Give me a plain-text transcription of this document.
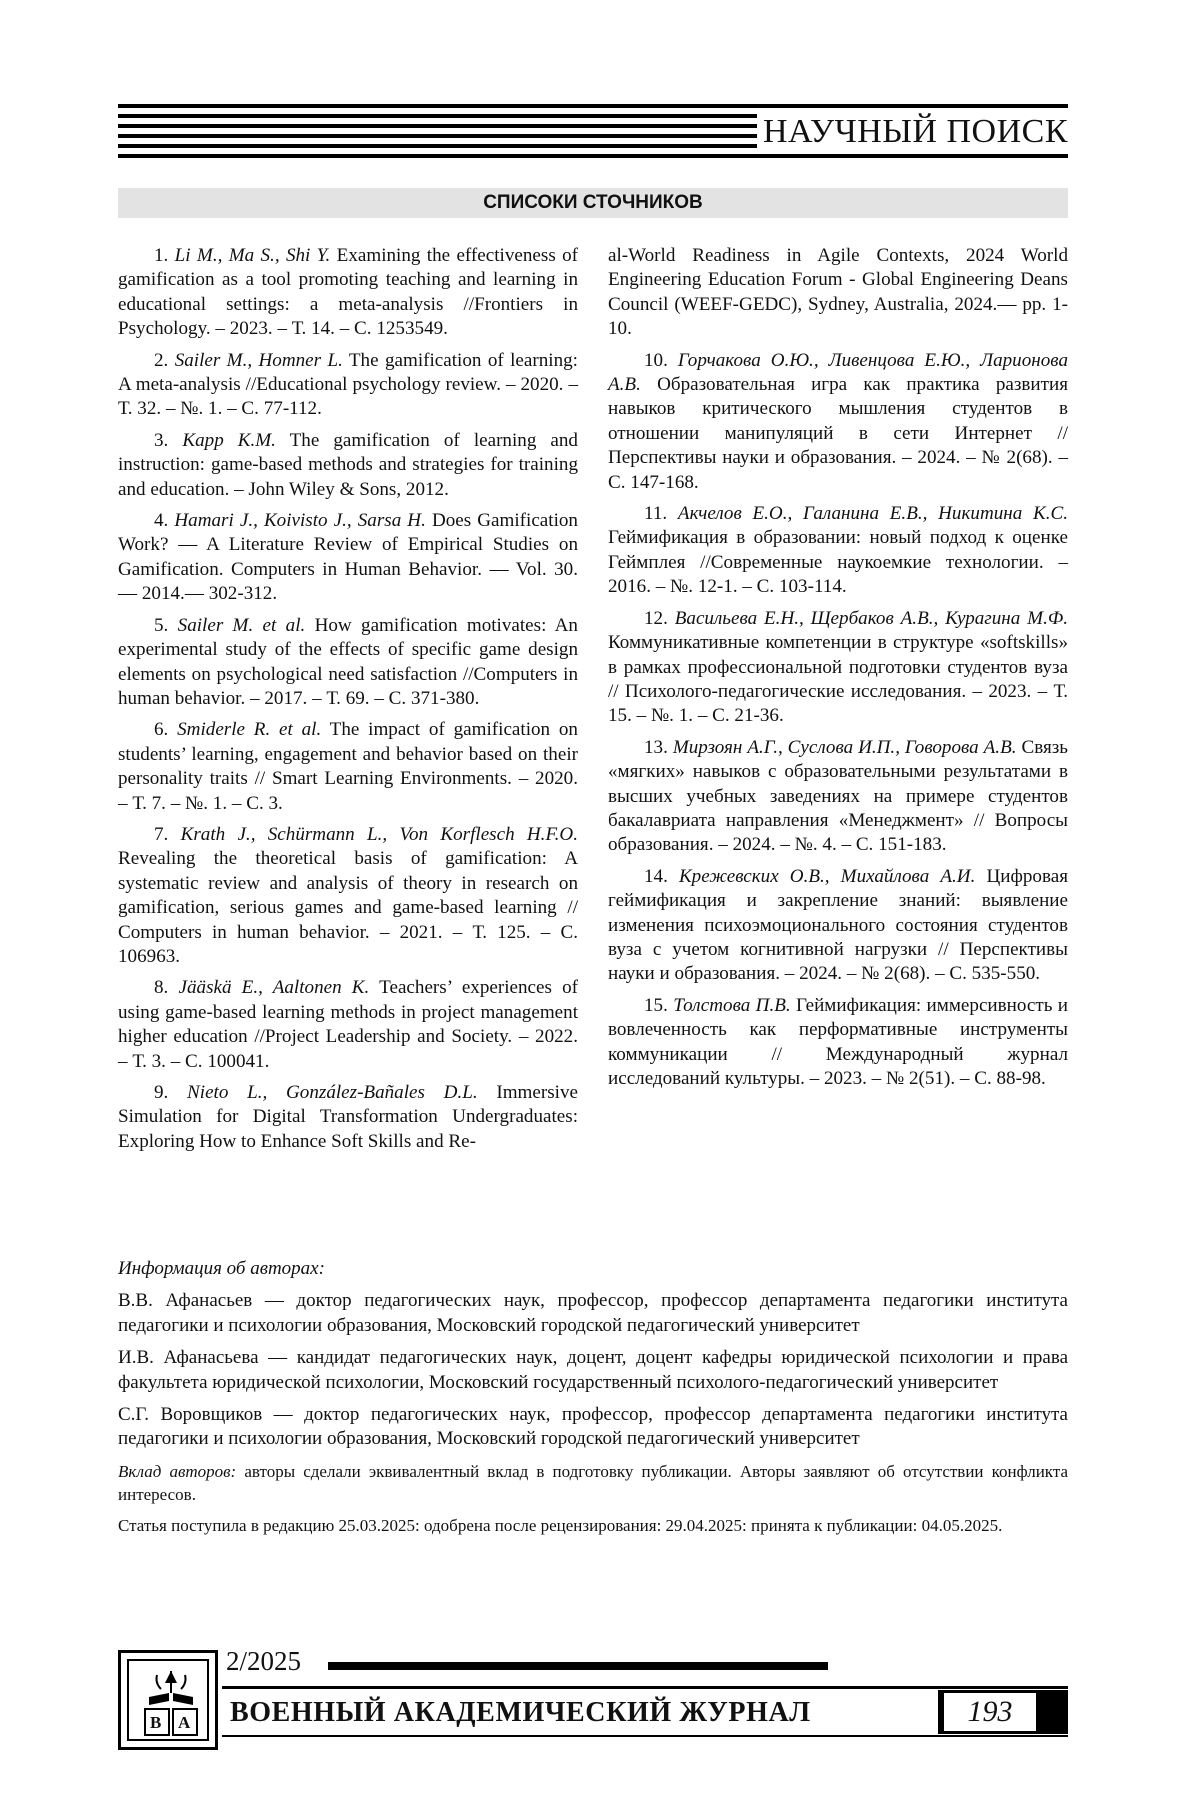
НАУЧНЫЙ ПОИСК
СПИСОКИ СТОЧНИКОВ

1. Li M., Ma S., Shi Y. Examining the effectiveness of gamification as a tool promoting teaching and learning in educational settings: a meta-analysis //Frontiers in Psychology. – 2023. – Т. 14. – С. 1253549.

2. Sailer M., Homner L. The gamification of learning: A meta-analysis //Educational psychology review. – 2020. – Т. 32. – №. 1. – С. 77-112.

3. Kapp K.M. The gamification of learning and instruction: game-based methods and strategies for training and education. – John Wiley & Sons, 2012.

4. Hamari J., Koivisto J., Sarsa H. Does Gamification Work? — A Literature Review of Empirical Studies on Gamification. Computers in Human Behavior. — Vol. 30.— 2014.— 302-312.

5. Sailer M. et al. How gamification motivates: An experimental study of the effects of specific game design elements on psychological need satisfaction //Computers in human behavior. – 2017. – Т. 69. – С. 371-380.

6. Smiderle R. et al. The impact of gamification on students’ learning, engagement and behavior based on their personality traits // Smart Learning Environments. – 2020. – Т. 7. – №. 1. – С. 3.

7. Krath J., Schürmann L., Von Korflesch H.F.O. Revealing the theoretical basis of gamification: A systematic review and analysis of theory in research on gamification, serious games and game-based learning // Computers in human behavior. – 2021. – Т. 125. – С. 106963.

8. Jääskä E., Aaltonen K. Teachers’ experiences of using game-based learning methods in project management higher education //Project Leadership and Society. – 2022. – Т. 3. – С. 100041.

9. Nieto L., González-Bañales D.L. Immersive Simulation for Digital Transformation Undergraduates: Exploring How to Enhance Soft Skills and Re-

al-World Readiness in Agile Contexts, 2024 World Engineering Education Forum - Global Engineering Deans Council (WEEF-GEDC), Sydney, Australia, 2024.— pp. 1-10.

10. Горчакова О.Ю., Ливенцова Е.Ю., Ларионова А.В. Образовательная игра как практика развития навыков критического мышления студентов в отношении манипуляций в сети Интернет // Перспективы науки и образования. – 2024. – № 2(68). – С. 147-168.

11. Акчелов Е.О., Галанина Е.В., Никитина К.С. Геймификация в образовании: новый подход к оценке Геймплея //Современные наукоемкие технологии. – 2016. – №. 12-1. – С. 103-114.

12. Васильева Е.Н., Щербаков А.В., Курагина М.Ф. Коммуникативные компетенции в структуре «softskills» в рамках профессиональной подготовки студентов вуза // Психолого-педагогические исследования. – 2023. – Т. 15. – №. 1. – С. 21-36.

13. Мирзоян А.Г., Суслова И.П., Говорова А.В. Связь «мягких» навыков с образовательными результатами в высших учебных заведениях на примере студентов бакалавриата направления «Менеджмент» // Вопросы образования. – 2024. – №. 4. – С. 151-183.

14. Крежевских О.В., Михайлова А.И. Цифровая геймификация и закрепление знаний: выявление изменения психоэмоционального состояния студентов вуза с учетом когнитивной нагрузки // Перспективы науки и образования. – 2024. – № 2(68). – С. 535-550.

15. Толстова П.В. Геймификация: иммерсивность и вовлеченность как перформативные инструменты коммуникации // Международный журнал исследований культуры. – 2023. – № 2(51). – С. 88-98.

Информация об авторах:

В.В. Афанасьев — доктор педагогических наук, профессор, профессор департамента педагогики института педагогики и психологии образования, Московский городской педагогический университет

И.В. Афанасьева — кандидат педагогических наук, доцент, доцент кафедры юридической психологии и права факультета юридической психологии, Московский государственный психолого-педагогический университет

С.Г. Воровщиков — доктор педагогических наук, профессор, профессор департамента педагогики института педагогики и психологии образования, Московский городской педагогический университет

Вклад авторов: авторы сделали эквивалентный вклад в подготовку публикации. Авторы заявляют об отсутствии конфликта интересов.

Статья поступила в редакцию 25.03.2025: одобрена после рецензирования: 29.04.2025: принята к публикации: 04.05.2025.

В А
2/2025
ВОЕННЫЙ АКАДЕМИЧЕСКИЙ ЖУРНАЛ	193
